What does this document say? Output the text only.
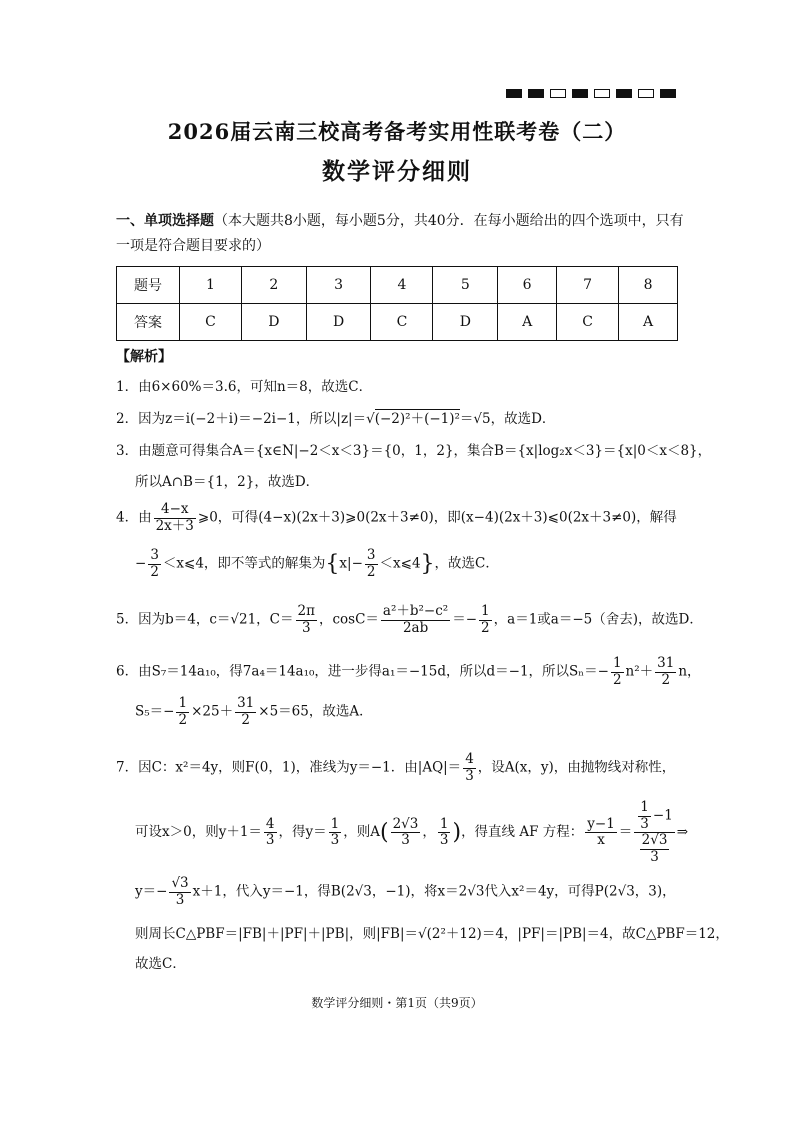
2026届云南三校高考备考实用性联考卷（二）
数学评分细则
一、单项选择题（本大题共8小题，每小题5分，共40分．在每小题给出的四个选项中，只有一项是符合题目要求的）
题号	1	2	3	4	5	6	7	8
答案	C	D	D	C	D	A	C	A
【解析】
1．由6×60%＝3.6，可知n＝8，故选C．
2．因为z＝i(−2＋i)＝−2i−1，所以|z|＝√(−2)²＋(−1)²＝√5，故选D．
3．由题意可得集合A＝{x∈N|−2＜x＜3}＝{0，1，2}，集合B＝{x|log₂x＜3}＝{x|0＜x＜8}，
所以A∩B＝{1，2}，故选D．
4．由 $\frac{4-x}{2x+3}$ ⩾0，可得(4−x)(2x＋3)⩾0(2x＋3≠0)，即(x−4)(2x＋3)⩽0(2x＋3≠0)，解得
− $\frac{3}{2}$ ＜x⩽4，即不等式的解集为{$x|- \frac{3}{2}$ ＜x⩽4}，故选C．
5．因为b＝4，c＝√21，$C= \frac{2\pi}{3}$ ，$\cos C= \frac{\text{a²＋b²−c²}}{2ab} =- \frac{1}{2}$ ，a＝1或a＝−5（舍去)，故选D．
6．由S₇＝14a₁₀，得7a₄＝14a₁₀，进一步得a₁＝−15d，所以d＝−1，所以$S_n=- \frac{1}{2} n^2+ \frac{31}{2}$ n，
$S_5=- \frac{1}{2} \times 25+ \frac{31}{2} \times 5=65$，故选A．
7．因C：x²＝4y，则F(0，1)，准线为y＝−1．由$|AQ|= \frac{4}{3}$ ，设A(x，y)，由抛物线对称性，
可设x＞0，则$y+1= \frac{4}{3}$ ，得$y= \frac{1}{3}$ ，则$A( \frac{2√3}{3}$ ， $\frac{1}{3}$ )，得直线 AF 方程： $\frac{y-1}{x} = \frac{\frac{1}{3} -1}{\frac{2√3}{3}}$ ⇒
$y=- \frac{√3}{3} x+1$，代入y＝−1，得B(2√3，−1)，将x＝2√3代入x²＝4y，可得P(2√3，3)，
则周长C△PBF＝|FB|＋|PF|＋|PB|，则|FB|＝√(2²＋12)＝4，|PF|＝|PB|＝4，故C△PBF＝12，
故选C．
数学评分细则・第1页（共9页）
